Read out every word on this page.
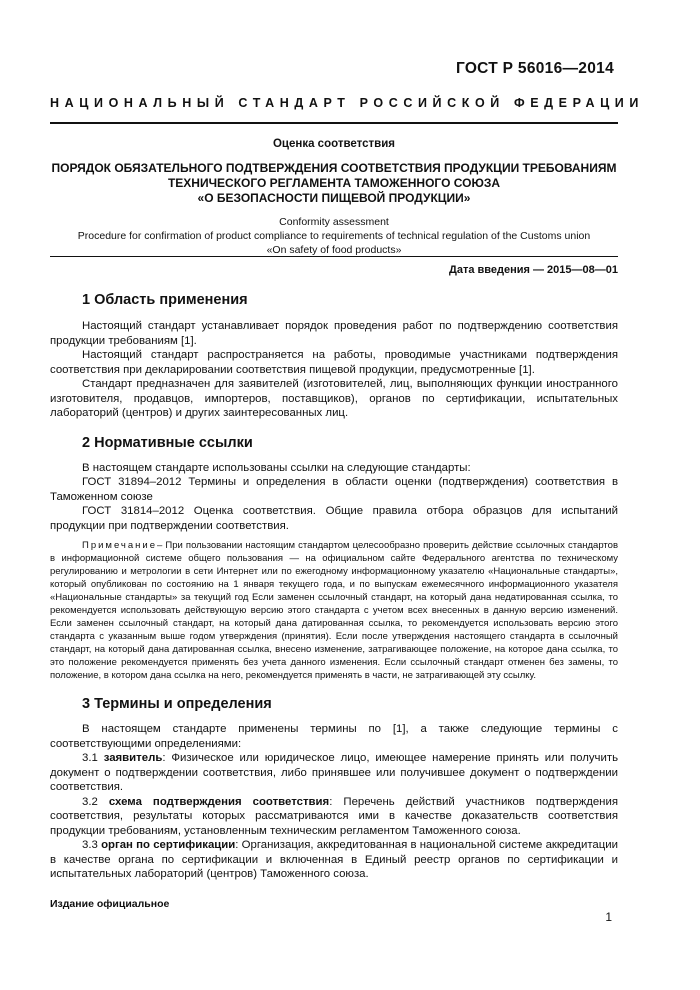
ГОСТ Р 56016—2014
НАЦИОНАЛЬНЫЙ СТАНДАРТ РОССИЙСКОЙ ФЕДЕРАЦИИ
Оценка соответствия
ПОРЯДОК ОБЯЗАТЕЛЬНОГО ПОДТВЕРЖДЕНИЯ СООТВЕТСТВИЯ ПРОДУКЦИИ ТРЕБОВАНИЯМ
ТЕХНИЧЕСКОГО РЕГЛАМЕНТА ТАМОЖЕННОГО СОЮЗА
«О БЕЗОПАСНОСТИ ПИЩЕВОЙ ПРОДУКЦИИ»
Conformity assessment
Procedure for confirmation of product compliance to requirements of technical regulation of the Customs union
«On safety of food products»
Дата введения — 2015—08—01
1 Область применения

Настоящий стандарт устанавливает порядок проведения работ по подтверждению соответствия продукции требованиям [1].

Настоящий стандарт распространяется на работы, проводимые участниками подтверждения соответствия при декларировании соответствия пищевой продукции, предусмотренные [1].

Стандарт предназначен для заявителей (изготовителей, лиц, выполняющих функции иностранного изготовителя, продавцов, импортеров, поставщиков), органов по сертификации, испытательных лабораторий (центров) и других заинтересованных лиц.

2 Нормативные ссылки

В настоящем стандарте использованы ссылки на следующие стандарты:

ГОСТ 31894–2012 Термины и определения в области оценки (подтверждения) соответствия в Таможенном союзе

ГОСТ 31814–2012 Оценка соответствия. Общие правила отбора образцов для испытаний продукции при подтверждении соответствия.

Примечание– При пользовании настоящим стандартом целесообразно проверить действие ссылочных стандартов в информационной системе общего пользования — на официальном сайте Федерального агентства по техническому регулированию и метрологии в сети Интернет или по ежегодному информационному указателю «Национальные стандарты», который опубликован по состоянию на 1 января текущего года, и по выпускам ежемесячного информационного указателя «Национальные стандарты» за текущий год Если заменен ссылочный стандарт, на который дана недатированная ссылка, то рекомендуется использовать действующую версию этого стандарта с учетом всех внесенных в данную версию изменений. Если заменен ссылочный стандарт, на который дана датированная ссылка, то рекомендуется использовать версию этого стандарта с указанным выше годом утверждения (принятия). Если после утверждения настоящего стандарта в ссылочный стандарт, на который дана датированная ссылка, внесено изменение, затрагивающее положение, на которое дана ссылка, то это положение рекомендуется применять без учета данного изменения. Если ссылочный стандарт отменен без замены, то положение, в котором дана ссылка на него, рекомендуется применять в части, не затрагивающей эту ссылку.
3 Термины и определения

В настоящем стандарте применены термины по [1], а также следующие термины с соответствующими определениями:

3.1 заявитель: Физическое или юридическое лицо, имеющее намерение принять или получить документ о подтверждении соответствия, либо принявшее или получившее документ о подтверждении соответствия.

3.2 схема подтверждения соответствия: Перечень действий участников подтверждения соответствия, результаты которых рассматриваются ими в качестве доказательств соответствия продукции требованиям, установленным техническим регламентом Таможенного союза.

3.3 орган по сертификации: Организация, аккредитованная в национальной системе аккредитации в качестве органа по сертификации и включенная в Единый реестр органов по сертификации и испытательных лабораторий (центров) Таможенного союза.

Издание официальное
1
